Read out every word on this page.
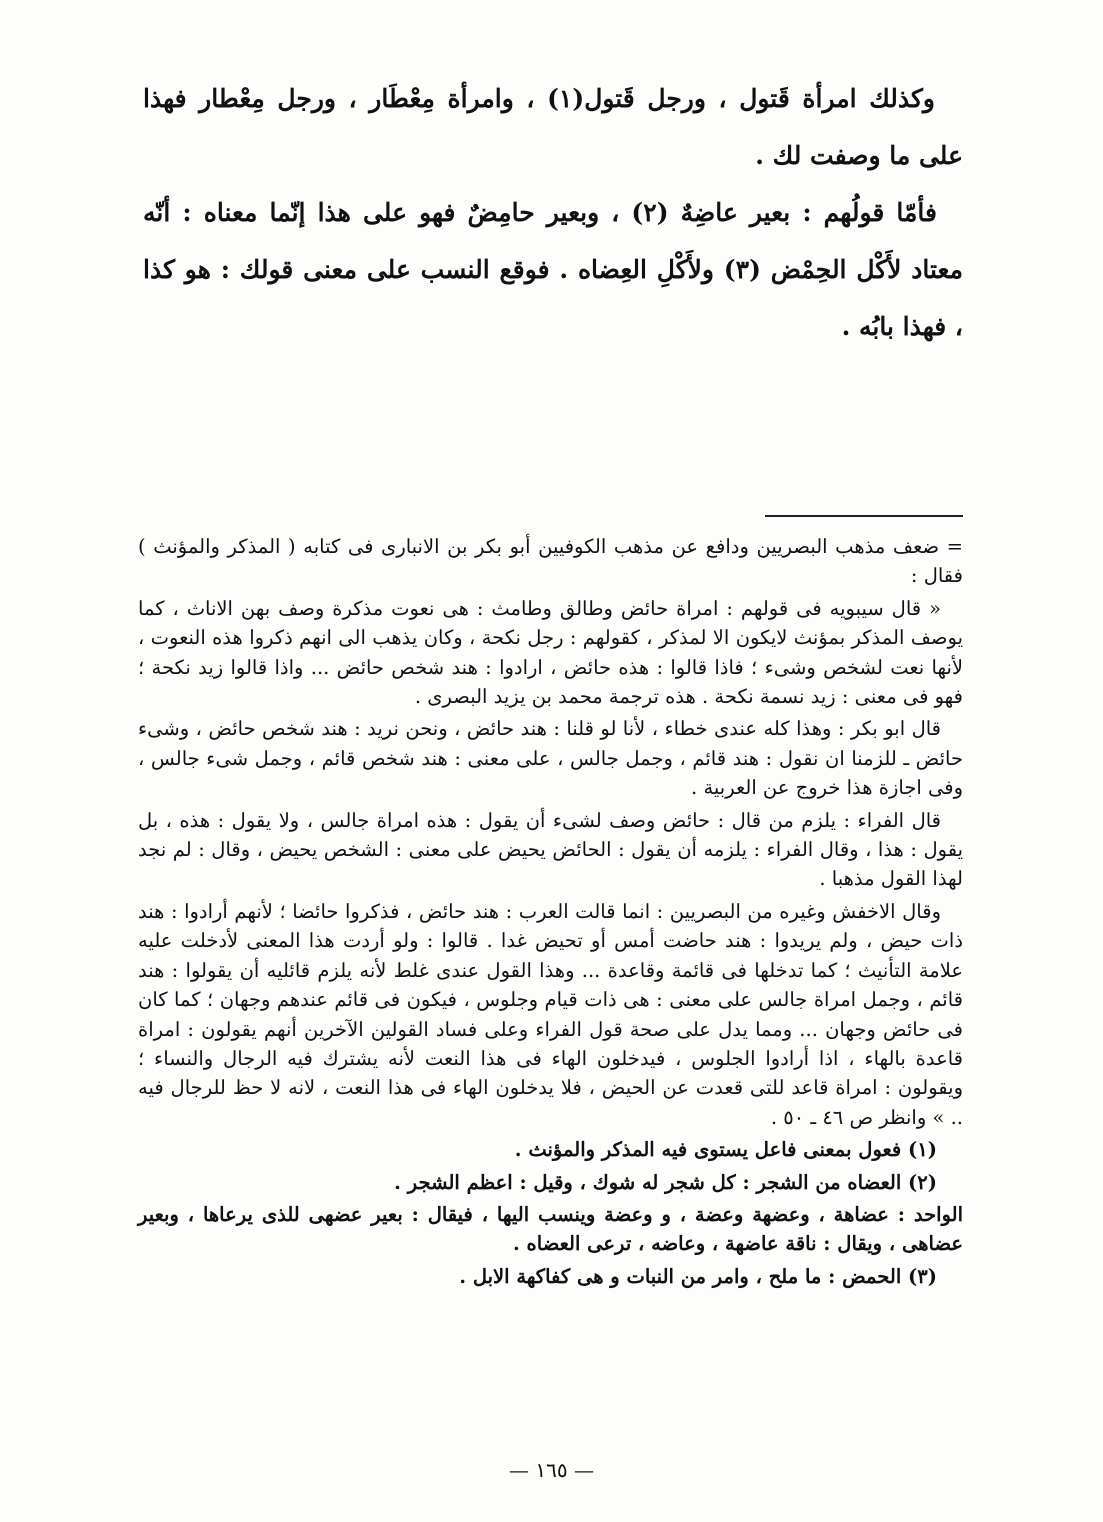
وكذلك امرأة قَتول ، ورجل قَتول(١) ، وامرأة مِعْطَار ، ورجل مِعْطار فهذا على ما وصفت لك .

فأمّا قولُهم : بعير عاضِهٌ (٢) ، وبعير حامِضٌ فهو على هذا إنّما معناه : أنّه معتاد لأَكْل الحِمْض (٣) ولأَكْلِ العِضاه . فوقع النسب على معنى قولك : هو كذا ، فهذا بابُه .

= ضعف مذهب البصريين ودافع عن مذهب الكوفيين أبو بكر بن الانبارى فى كتابه ( المذكر والمؤنث ) فقال :

« قال سيبويه فى قولهم : امراة حائض وطالق وطامث : هى نعوت مذكرة وصف بهن الاناث ، كما يوصف المذكر بمؤنث لايكون الا لمذكر ، كقولهم : رجل نكحة ، وكان يذهب الى انهم ذكروا هذه النعوت ، لأنها نعت لشخص وشىء ؛ فاذا قالوا : هذه حائض ، ارادوا : هند شخص حائض ... واذا قالوا زيد نكحة ؛ فهو فى معنى : زيد نسمة نكحة . هذه ترجمة محمد بن يزيد البصرى .

قال ابو بكر : وهذا كله عندى خطاء ، لأنا لو قلنا : هند حائض ، ونحن نريد : هند شخص حائض ، وشىء حائض ـ للزمنا ان نقول : هند قائم ، وجمل جالس ، على معنى : هند شخص قائم ، وجمل شىء جالس ، وفى اجازة هذا خروج عن العربية .

قال الفراء : يلزم من قال : حائض وصف لشىء أن يقول : هذه امراة جالس ، ولا يقول : هذه ، بل يقول : هذا ، وقال الفراء : يلزمه أن يقول : الحائض يحيض على معنى : الشخص يحيض ، وقال : لم نجد لهذا القول مذهبا .

وقال الاخفش وغيره من البصريين : انما قالت العرب : هند حائض ، فذكروا حائضا ؛ لأنهم أرادوا : هند ذات حيض ، ولم يريدوا : هند حاضت أمس أو تحيض غدا . قالوا : ولو أردت هذا المعنى لأدخلت عليه علامة التأنيث ؛ كما تدخلها فى قائمة وقاعدة ... وهذا القول عندى غلط لأنه يلزم قائليه أن يقولوا : هند قائم ، وجمل امراة جالس على معنى : هى ذات قيام وجلوس ، فيكون فى قائم عندهم وجهان ؛ كما كان فى حائض وجهان ... ومما يدل على صحة قول الفراء وعلى فساد القولين الآخرين أنهم يقولون : امراة قاعدة بالهاء ، اذا أرادوا الجلوس ، فيدخلون الهاء فى هذا النعت لأنه يشترك فيه الرجال والنساء ؛ ويقولون : امراة قاعد للتى قعدت عن الحيض ، فلا يدخلون الهاء فى هذا النعت ، لانه لا حظ للرجال فيه .. » وانظر ص ٤٦ ـ ٥٠ .

(١) فعول بمعنى فاعل يستوى فيه المذكر والمؤنث .

(٢) العضاه من الشجر : كل شجر له شوك ، وقيل : اعظم الشجر .

الواحد : عضاهة ، وعضهة وعضة ، و وعضة وينسب اليها ، فيقال : بعير عضهى للذى يرعاها ، وبعير عضاهى ، ويقال : ناقة عاضهة ، وعاضه ، ترعى العضاه .

(٣) الحمض : ما ملح ، وامر من النبات و هى كفاكهة الابل .

— ١٦٥ —
